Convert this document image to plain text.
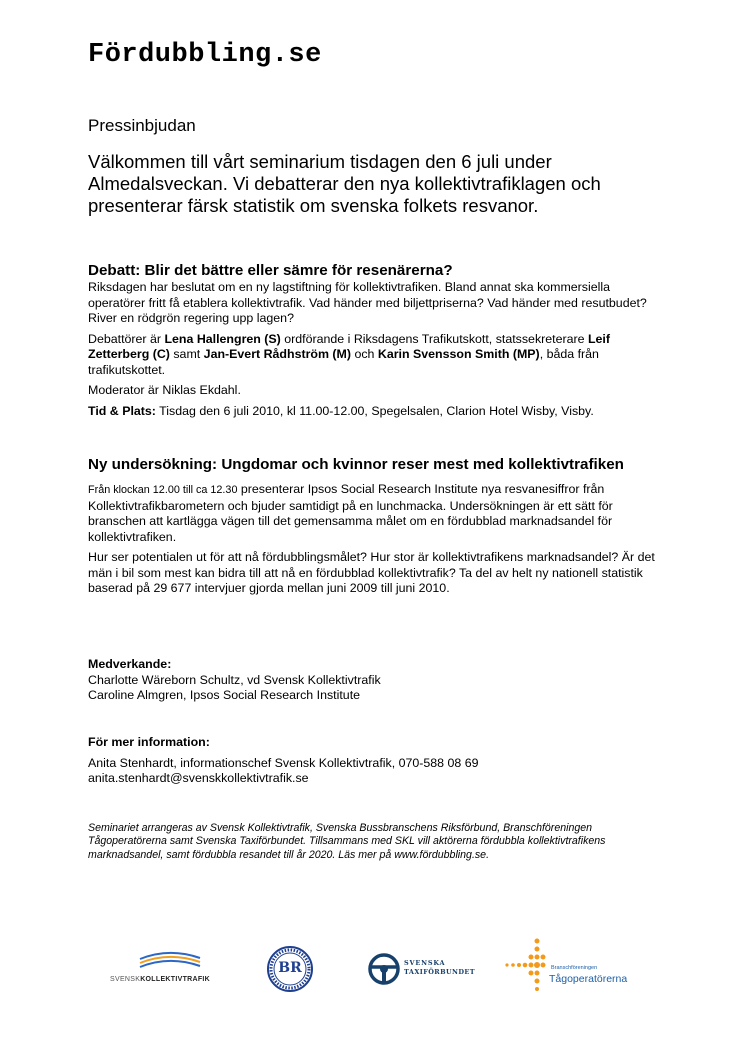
Fördubbling.se
Pressinbjudan
Välkommen till vårt seminarium tisdagen den 6 juli under Almedalsveckan. Vi debatterar den nya kollektivtrafiklagen och presenterar färsk statistik om svenska folkets resvanor.
Debatt: Blir det bättre eller sämre för resenärerna?

Riksdagen har beslutat om en ny lagstiftning för kollektivtrafiken. Bland annat ska kommersiella operatörer fritt få etablera kollektivtrafik. Vad händer med biljettpriserna? Vad händer med resutbudet? River en rödgrön regering upp lagen?

Debattörer är Lena Hallengren (S) ordförande i Riksdagens Trafikutskott, statssekreterare Leif Zetterberg (C) samt Jan-Evert Rådhström (M) och Karin Svensson Smith (MP), båda från trafikutskottet.

Moderator är Niklas Ekdahl.

Tid & Plats: Tisdag den 6 juli 2010, kl 11.00-12.00, Spegelsalen, Clarion Hotel Wisby, Visby.

Ny undersökning: Ungdomar och kvinnor reser mest med kollektivtrafiken

Från klockan 12.00 till ca 12.30 presenterar Ipsos Social Research Institute nya resvanesiffror från Kollektivtrafikbarometern och bjuder samtidigt på en lunchmacka. Undersökningen är ett sätt för branschen att kartlägga vägen till det gemensamma målet om en fördubblad marknadsandel för kollektivtrafiken.

Hur ser potentialen ut för att nå fördubblingsmålet? Hur stor är kollektivtrafikens marknadsandel? Är det män i bil som mest kan bidra till att nå en fördubblad kollektivtrafik? Ta del av helt ny nationell statistik baserad på 29 677 intervjuer gjorda mellan juni 2009 till juni 2010.

Medverkande:

Charlotte Wäreborn Schultz, vd Svensk Kollektivtrafik

Caroline Almgren, Ipsos Social Research Institute

För mer information:

Anita Stenhardt, informationschef Svensk Kollektivtrafik, 070-588 08 69

anita.stenhardt@svenskkollektivtrafik.se

Seminariet arrangeras av Svensk Kollektivtrafik, Svenska Bussbranschens Riksförbund, Branschföreningen Tågoperatörerna samt Svenska Taxiförbundet. Tillsammans med SKL vill aktörerna fördubbla kollektivtrafikens marknadsandel, samt fördubbla resandet till år 2020. Läs mer på www.fördubbling.se.
SVENSKKOLLEKTIVTRAFIK
BR	SVENSKA
TAXIFÖRBUNDET	Branschföreningen
Tågoperatörerna
